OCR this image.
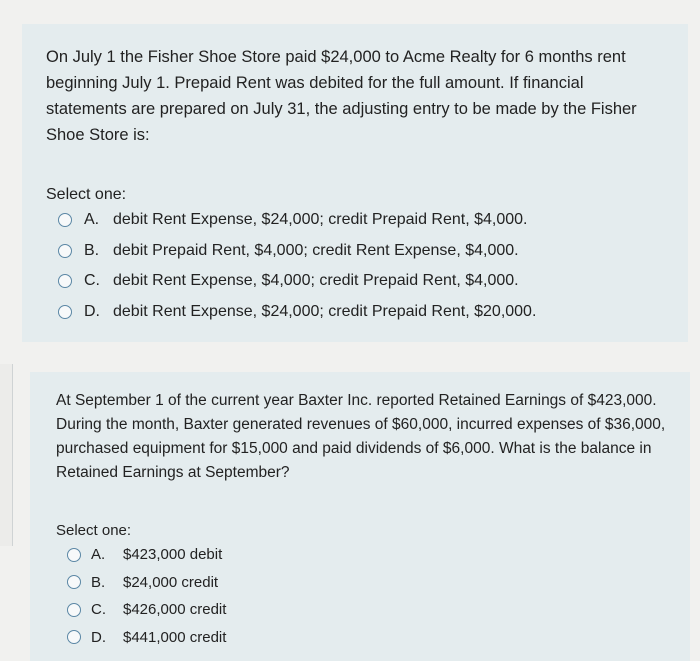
On July 1 the Fisher Shoe Store paid $24,000 to Acme Realty for 6 months rent beginning July 1. Prepaid Rent was debited for the full amount. If financial statements are prepared on July 31, the adjusting entry to be made by the Fisher Shoe Store is:

Select one:

A. debit Rent Expense, $24,000; credit Prepaid Rent, $4,000.
B. debit Prepaid Rent, $4,000; credit Rent Expense, $4,000.
C. debit Rent Expense, $4,000; credit Prepaid Rent, $4,000.
D. debit Rent Expense, $24,000; credit Prepaid Rent, $20,000.

At September 1 of the current year Baxter Inc. reported Retained Earnings of $423,000. During the month, Baxter generated revenues of $60,000, incurred expenses of $36,000, purchased equipment for $15,000 and paid dividends of $6,000. What is the balance in Retained Earnings at September?

Select one:

A.	$423,000 debit
B.	$24,000 credit
C.	$426,000 credit
D.	$441,000 credit
